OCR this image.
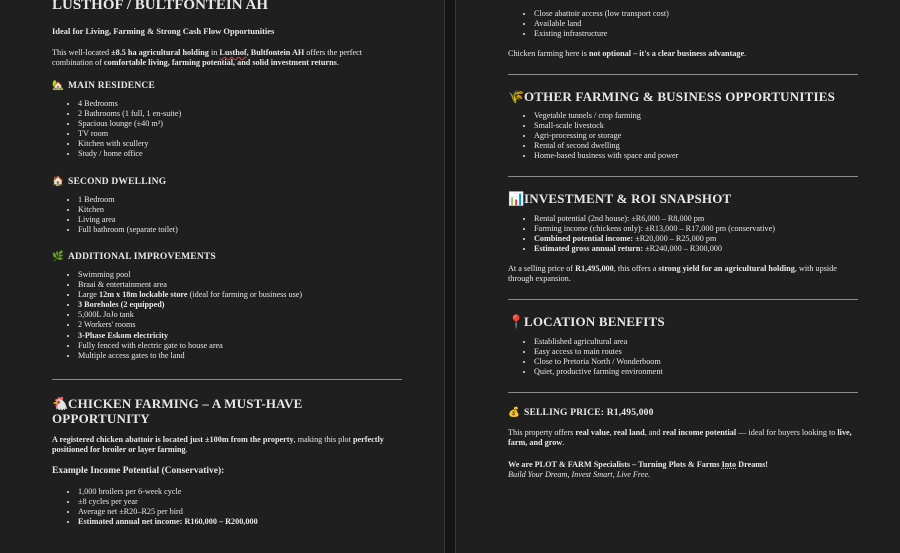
LUSTHOF / BULTFONTEIN AH
Ideal for Living, Farming & Strong Cash Flow Opportunities

This well-located ±8.5 ha agricultural holding in Lusthof, Bultfontein AH offers the perfect combination of comfortable living, farming potential, and solid investment returns.

🏡 MAIN RESIDENCE
• 4 Bedrooms
• 2 Bathrooms (1 full, 1 en-suite)
• Spacious lounge (±40 m²)
• TV room
• Kitchen with scullery
• Study / home office
🏠 SECOND DWELLING
• 1 Bedroom
• Kitchen
• Living area
• Full bathroom (separate toilet)
🌿 ADDITIONAL IMPROVEMENTS
• Swimming pool
• Braai & entertainment area
• Large 12m x 18m lockable store (ideal for farming or business use)
• 3 Boreholes (2 equipped)
• 5,000L JoJo tank
• 2 Workers' rooms
• 3-Phase Eskom electricity
• Fully fenced with electric gate to house area
• Multiple access gates to the land
🐔CHICKEN FARMING – A MUST-HAVE OPPORTUNITY

A registered chicken abattoir is located just ±100m from the property, making this plot perfectly positioned for broiler or layer farming.

Example Income Potential (Conservative):
• 1,000 broilers per 6-week cycle
• ±8 cycles per year
• Average net ±R20–R25 per bird
• Estimated annual net income: R160,000 – R200,000
• Close abattoir access (low transport cost)
• Available land
• Existing infrastructure

Chicken farming here is not optional – it's a clear business advantage.

🌾OTHER FARMING & BUSINESS OPPORTUNITIES
• Vegetable tunnels / crop farming
• Small-scale livestock
• Agri-processing or storage
• Rental of second dwelling
• Home-based business with space and power
📊INVESTMENT & ROI SNAPSHOT
• Rental potential (2nd house): ±R6,000 – R8,000 pm
• Farming income (chickens only): ±R13,000 – R17,000 pm (conservative)
• Combined potential income: ±R20,000 – R25,000 pm
• Estimated gross annual return: ±R240,000 – R300,000

At a selling price of R1,495,000, this offers a strong yield for an agricultural holding, with upside through expansion.

📍LOCATION BENEFITS
• Established agricultural area
• Easy access to main routes
• Close to Pretoria North / Wonderboom
• Quiet, productive farming environment
💰 SELLING PRICE: R1,495,000

This property offers real value, real land, and real income potential — ideal for buyers looking to live, farm, and grow.

We are PLOT & FARM Specialists – Turning Plots & Farms Into Dreams!
Build Your Dream, Invest Smart, Live Free.
